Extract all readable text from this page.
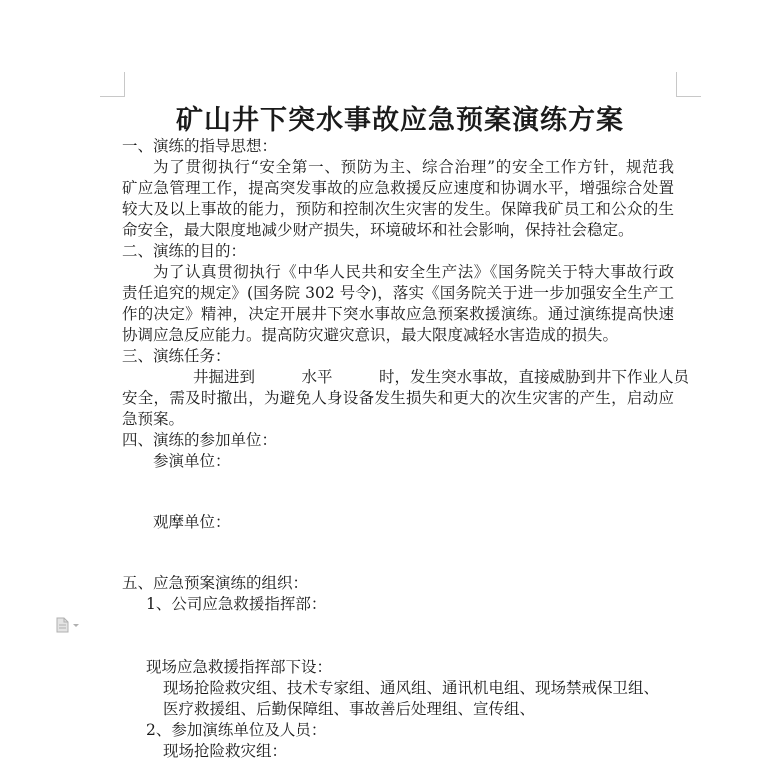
矿山井下突水事故应急预案演练方案
一、演练的指导思想：
为了贯彻执行“安全第一、预防为主、综合治理”的安全工作方针，规范我
矿应急管理工作，提高突发事故的应急救援反应速度和协调水平，增强综合处置
较大及以上事故的能力，预防和控制次生灾害的发生。保障我矿员工和公众的生
命安全，最大限度地减少财产损失，环境破坏和社会影响，保持社会稳定。
二、演练的目的：
为了认真贯彻执行《中华人民共和安全生产法》《国务院关于特大事故行政
责任追究的规定》(国务院 302 号令)，落实《国务院关于进一步加强安全生产工
作的决定》精神，决定开展井下突水事故应急预案救援演练。通过演练提高快速
协调应急反应能力。提高防灾避灾意识，最大限度减轻水害造成的损失。
三、演练任务：
井掘进到　　　水平　　　时，发生突水事故，直接威胁到井下作业人员
安全，需及时撤出，为避免人身设备发生损失和更大的次生灾害的产生，启动应
急预案。
四、演练的参加单位：
参演单位：
观摩单位：
五、应急预案演练的组织：
1、公司应急救援指挥部：
现场应急救援指挥部下设：
现场抢险救灾组、技术专家组、通风组、通讯机电组、现场禁戒保卫组、
医疗救援组、后勤保障组、事故善后处理组、宣传组、
2、参加演练单位及人员：
现场抢险救灾组：
